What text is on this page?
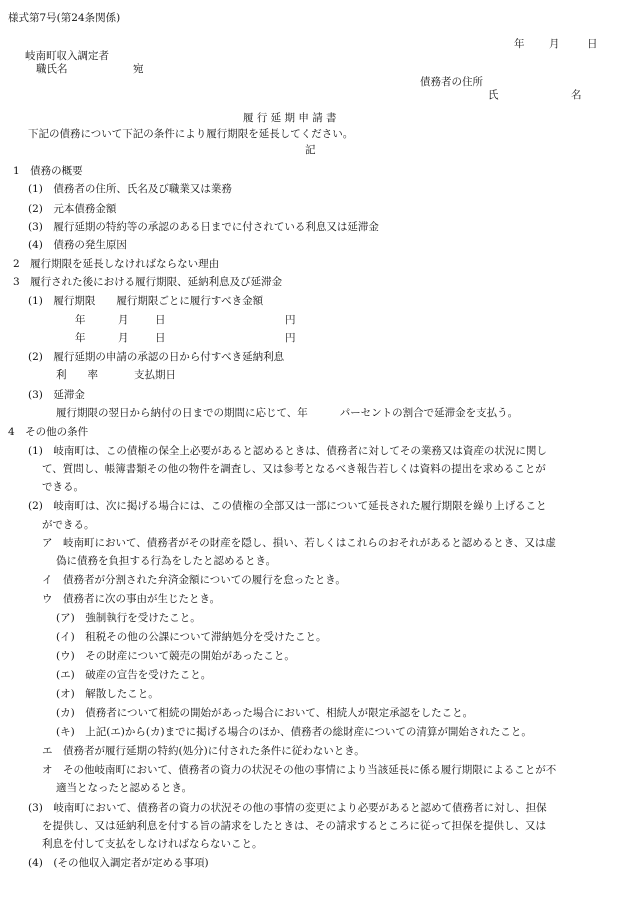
様式第7号(第24条関係)
年 月	日
岐南町収入調定者
職氏名	宛
債務者の住所
氏	名
履 行 延 期 申 請 書
下記の債務について下記の条件により履行期限を延長してください。
記
1　債務の概要
(1)　債務者の住所、氏名及び職業又は業務
(2)　元本債務金額
(3)　履行延期の特約等の承認のある日までに付されている利息又は延滞金
(4)　債務の発生原因
2　履行期限を延長しなければならない理由
3　履行された後における履行期限、延納利息及び延滞金
(1)　履行期限　　履行期限ごとに履行すべき金額
年	月	日	円
年	月	日	円
(2)　履行延期の申請の承認の日から付すべき延納利息
利　　率	支払期日
(3)　延滞金
履行期限の翌日から納付の日までの期間に応じて、年	パーセントの割合で延滞金を支払う。
4　その他の条件
(1)　岐南町は、この債権の保全上必要があると認めるときは、債務者に対してその業務又は資産の状況に関し
て、質問し、帳簿書類その他の物件を調査し、又は参考となるべき報告若しくは資料の提出を求めることが
できる。
(2)　岐南町は、次に掲げる場合には、この債権の全部又は一部について延長された履行期限を繰り上げること
ができる。
ア　岐南町において、債務者がその財産を隠し、損い、若しくはこれらのおそれがあると認めるとき、又は虚
偽に債務を負担する行為をしたと認めるとき。
イ　債務者が分割された弁済金額についての履行を怠ったとき。
ウ　債務者に次の事由が生じたとき。
(ア)　強制執行を受けたこと。
(イ)　租税その他の公課について滞納処分を受けたこと。
(ウ)　その財産について競売の開始があったこと。
(エ)　破産の宣告を受けたこと。
(オ)　解散したこと。
(カ)　債務者について相続の開始があった場合において、相続人が限定承認をしたこと。
(キ)　上記(エ)から(カ)までに掲げる場合のほか、債務者の総財産についての清算が開始されたこと。
エ　債務者が履行延期の特約(処分)に付された条件に従わないとき。
オ　その他岐南町において、債務者の資力の状況その他の事情により当該延長に係る履行期限によることが不
適当となったと認めるとき。
(3)　岐南町において、債務者の資力の状況その他の事情の変更により必要があると認めて債務者に対し、担保
を提供し、又は延納利息を付する旨の請求をしたときは、その請求するところに従って担保を提供し、又は
利息を付して支払をしなければならないこと。
(4)　(その他収入調定者が定める事項)
